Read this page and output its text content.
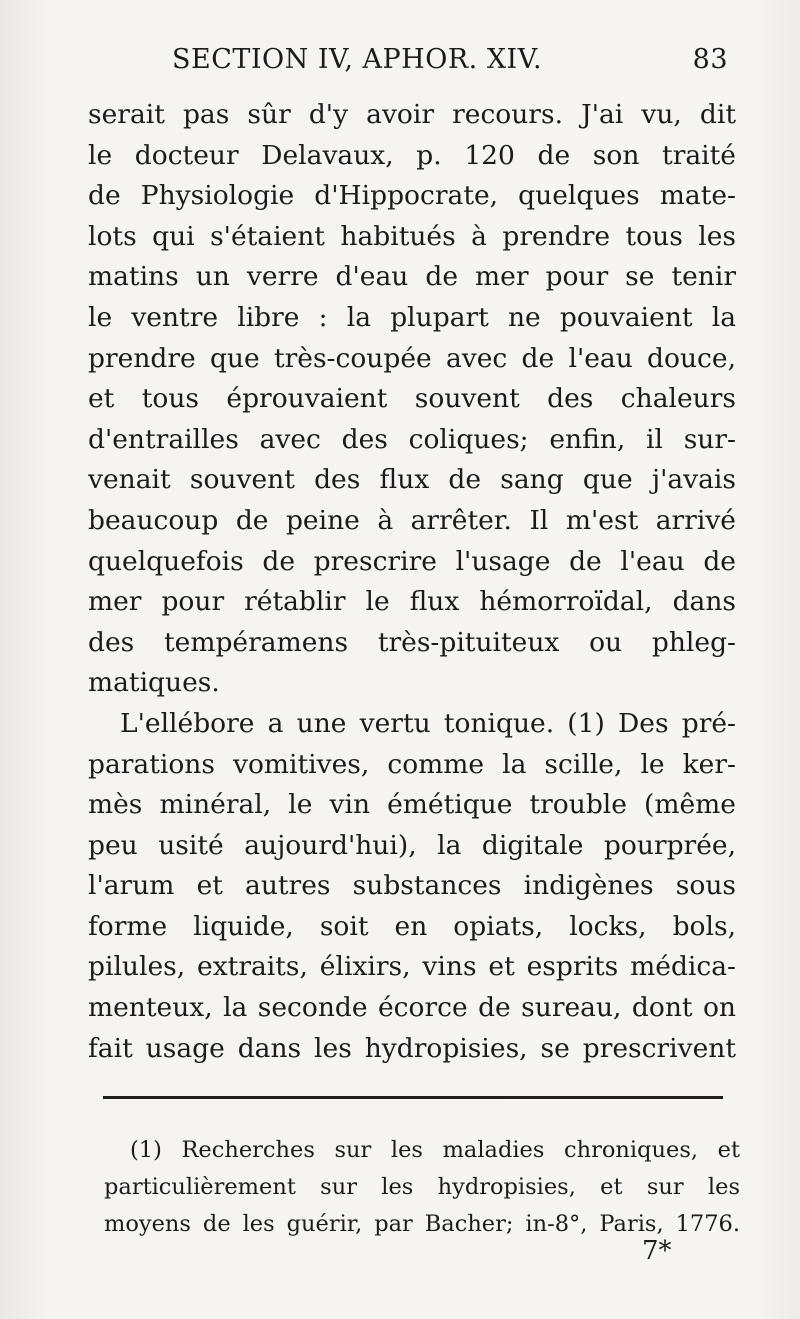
SECTION IV, APHOR. XIV.	83
serait pas sûr d'y avoir recours. J'ai vu, dit
le docteur Delavaux, p. 120 de son traité
de Physiologie d'Hippocrate, quelques mate-
lots qui s'étaient habitués à prendre tous les
matins un verre d'eau de mer pour se tenir
le ventre libre : la plupart ne pouvaient la
prendre que très-coupée avec de l'eau douce,
et tous éprouvaient souvent des chaleurs
d'entrailles avec des coliques; enfin, il sur-
venait souvent des flux de sang que j'avais
beaucoup de peine à arrêter. Il m'est arrivé
quelquefois de prescrire l'usage de l'eau de
mer pour rétablir le flux hémorroïdal, dans
des tempéramens très-pituiteux ou phleg-
matiques.
L'ellébore a une vertu tonique. (1) Des pré-
parations vomitives, comme la scille, le ker-
mès minéral, le vin émétique trouble (même
peu usité aujourd'hui), la digitale pourprée,
l'arum et autres substances indigènes sous
forme liquide, soit en opiats, locks, bols,
pilules, extraits, élixirs, vins et esprits médica-
menteux, la seconde écorce de sureau, dont on
fait usage dans les hydropisies, se prescrivent
(1) Recherches sur les maladies chroniques, et
particulièrement sur les hydropisies, et sur les
moyens de les guérir, par Bacher; in-8°, Paris, 1776.
7*
